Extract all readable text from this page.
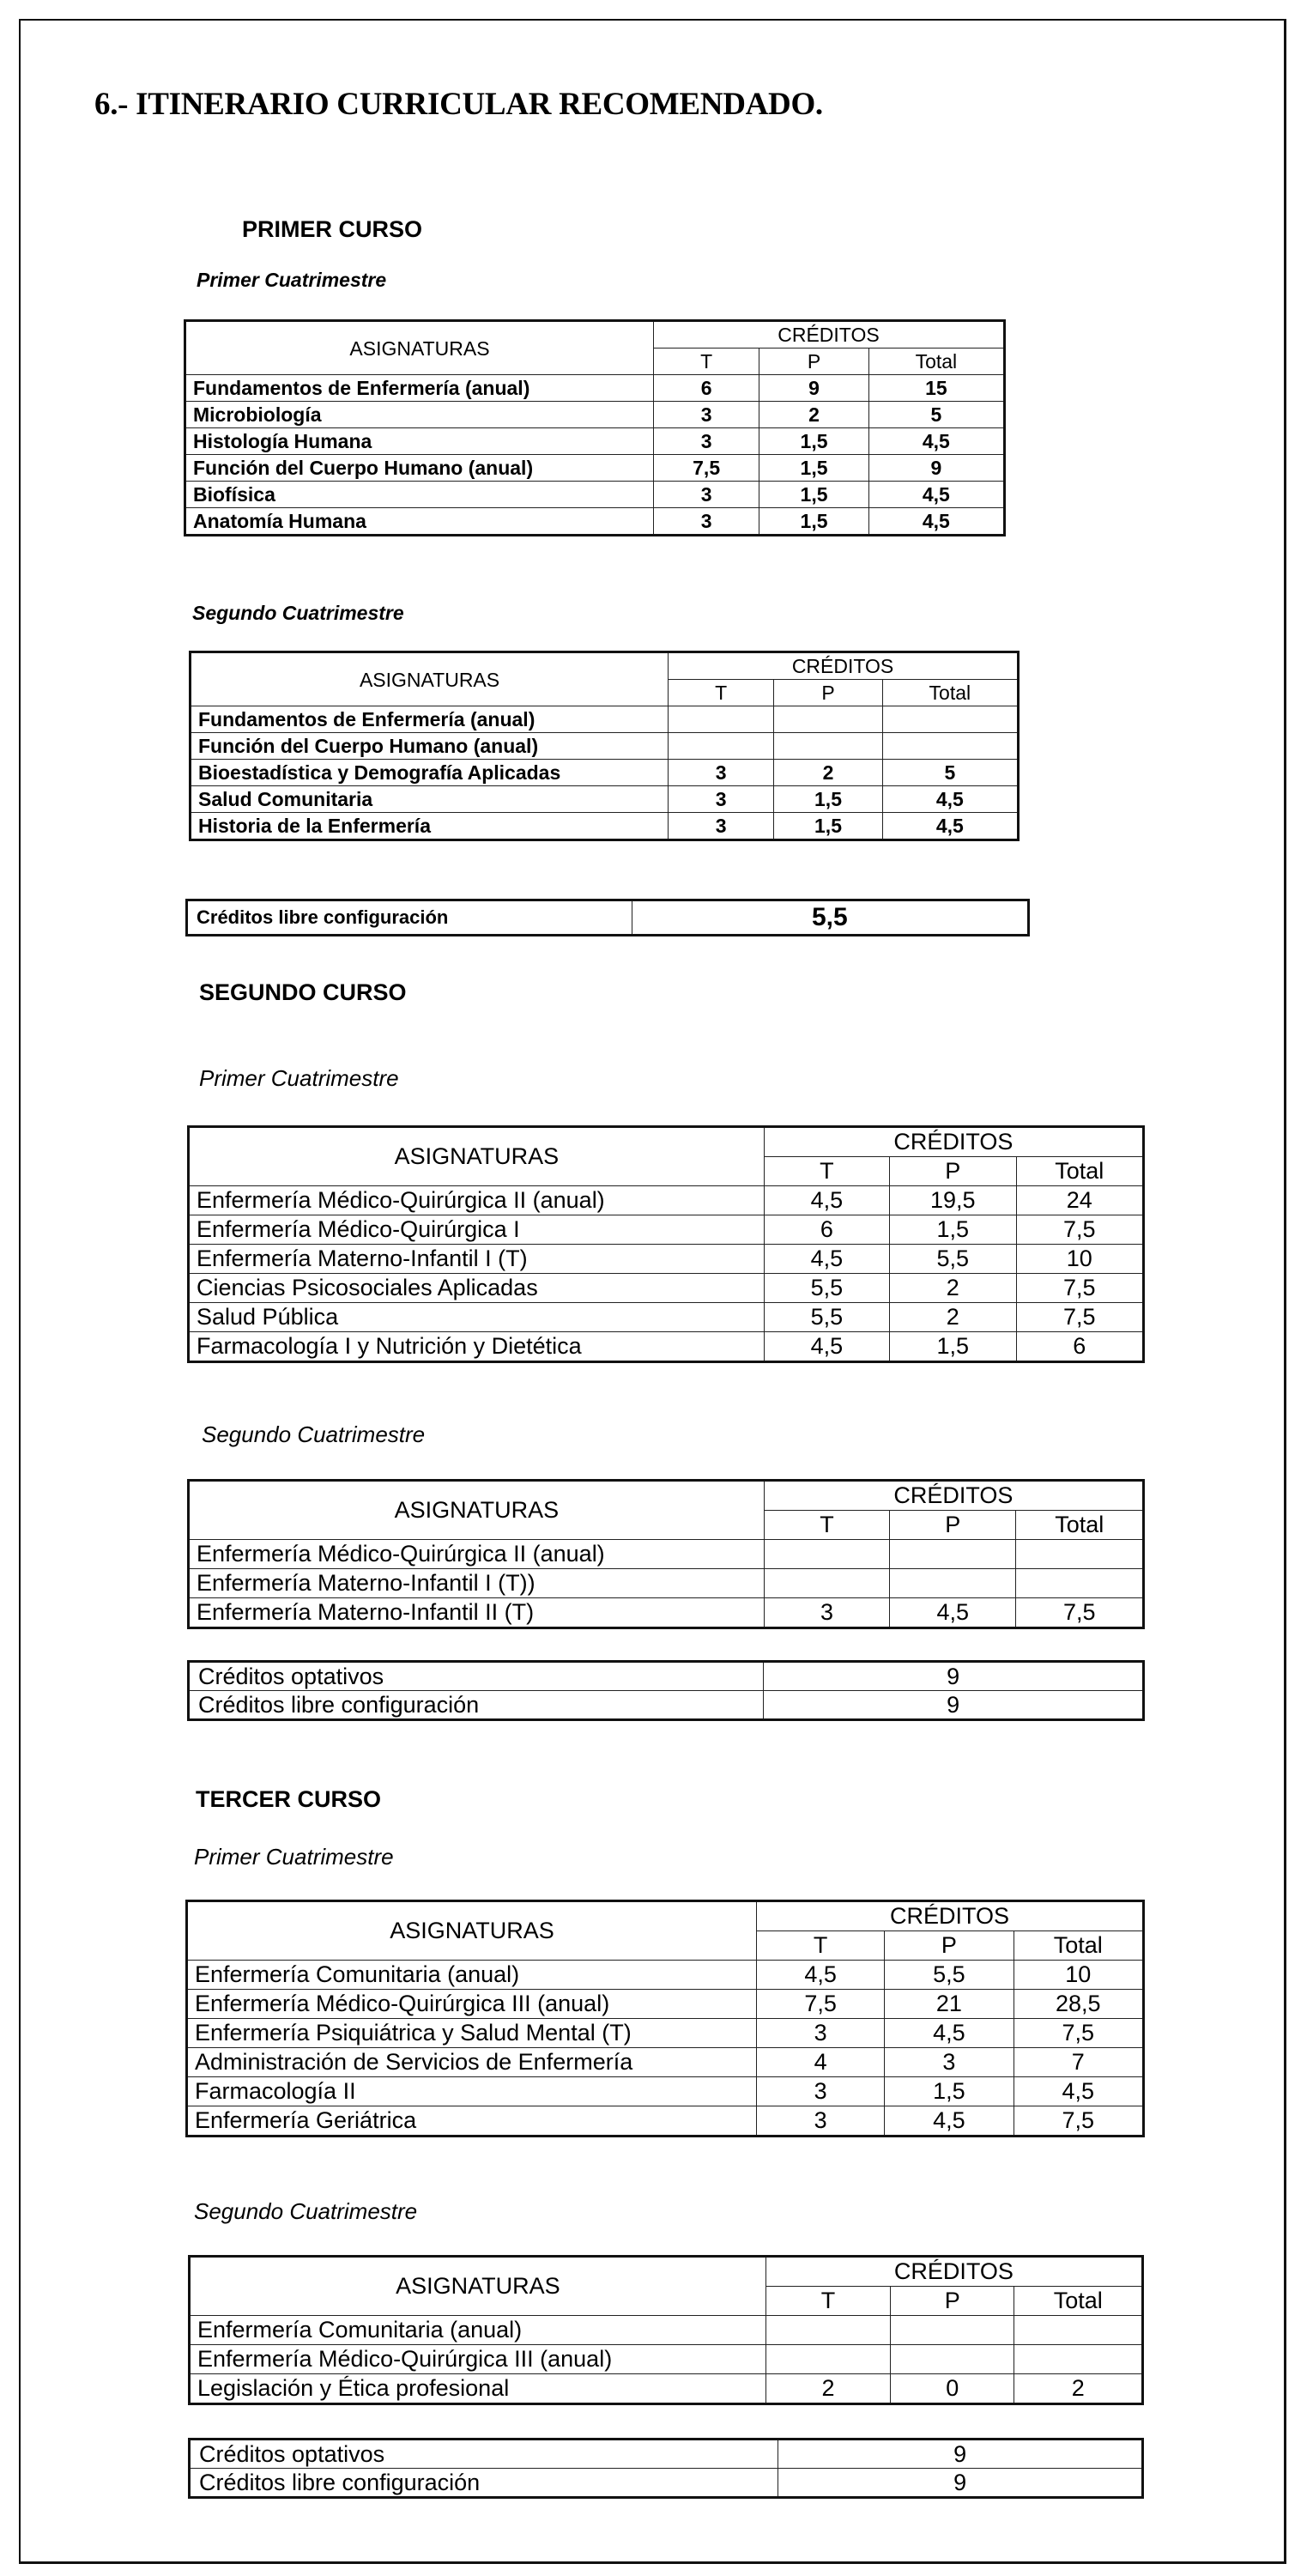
6.- ITINERARIO CURRICULAR RECOMENDADO.
PRIMER CURSO

Primer Cuatrimestre

ASIGNATURAS	CRÉDITOS		
	T	P	Total
Fundamentos de Enfermería (anual)	6	9	15
Microbiología	3	2	5
Histología Humana	3	1,5	4,5
Función del Cuerpo Humano (anual)	7,5	1,5	9
Biofísica	3	1,5	4,5
Anatomía Humana	3	1,5	4,5

Segundo Cuatrimestre

ASIGNATURAS	CRÉDITOS		
	T	P	Total
Fundamentos de Enfermería (anual)			
Función del Cuerpo Humano (anual)			
Bioestadística y Demografía Aplicadas	3	2	5
Salud Comunitaria	3	1,5	4,5
Historia de la Enfermería	3	1,5	4,5
Créditos libre configuración	5,5
SEGUNDO CURSO

Primer Cuatrimestre

ASIGNATURAS	CRÉDITOS		
	T	P	Total
Enfermería Médico-Quirúrgica II (anual)	4,5	19,5	24
Enfermería Médico-Quirúrgica I	6	1,5	7,5
Enfermería Materno-Infantil I (T)	4,5	5,5	10
Ciencias Psicosociales Aplicadas	5,5	2	7,5
Salud Pública	5,5	2	7,5
Farmacología I y Nutrición y Dietética	4,5	1,5	6

Segundo Cuatrimestre

ASIGNATURAS	CRÉDITOS		
	T	P	Total
Enfermería Médico-Quirúrgica II (anual)			
Enfermería Materno-Infantil I (T))			
Enfermería Materno-Infantil II (T)	3	4,5	7,5
Créditos optativos	9
Créditos libre configuración	9
TERCER CURSO

Primer Cuatrimestre

ASIGNATURAS	CRÉDITOS		
	T	P	Total
Enfermería Comunitaria (anual)	4,5	5,5	10
Enfermería Médico-Quirúrgica III (anual)	7,5	21	28,5
Enfermería Psiquiátrica y Salud Mental (T)	3	4,5	7,5
Administración de Servicios de Enfermería	4	3	7
Farmacología II	3	1,5	4,5
Enfermería Geriátrica	3	4,5	7,5

Segundo Cuatrimestre

ASIGNATURAS	CRÉDITOS		
	T	P	Total
Enfermería Comunitaria (anual)			
Enfermería Médico-Quirúrgica III (anual)			
Legislación y Ética profesional	2	0	2
Créditos optativos	9
Créditos libre configuración	9
